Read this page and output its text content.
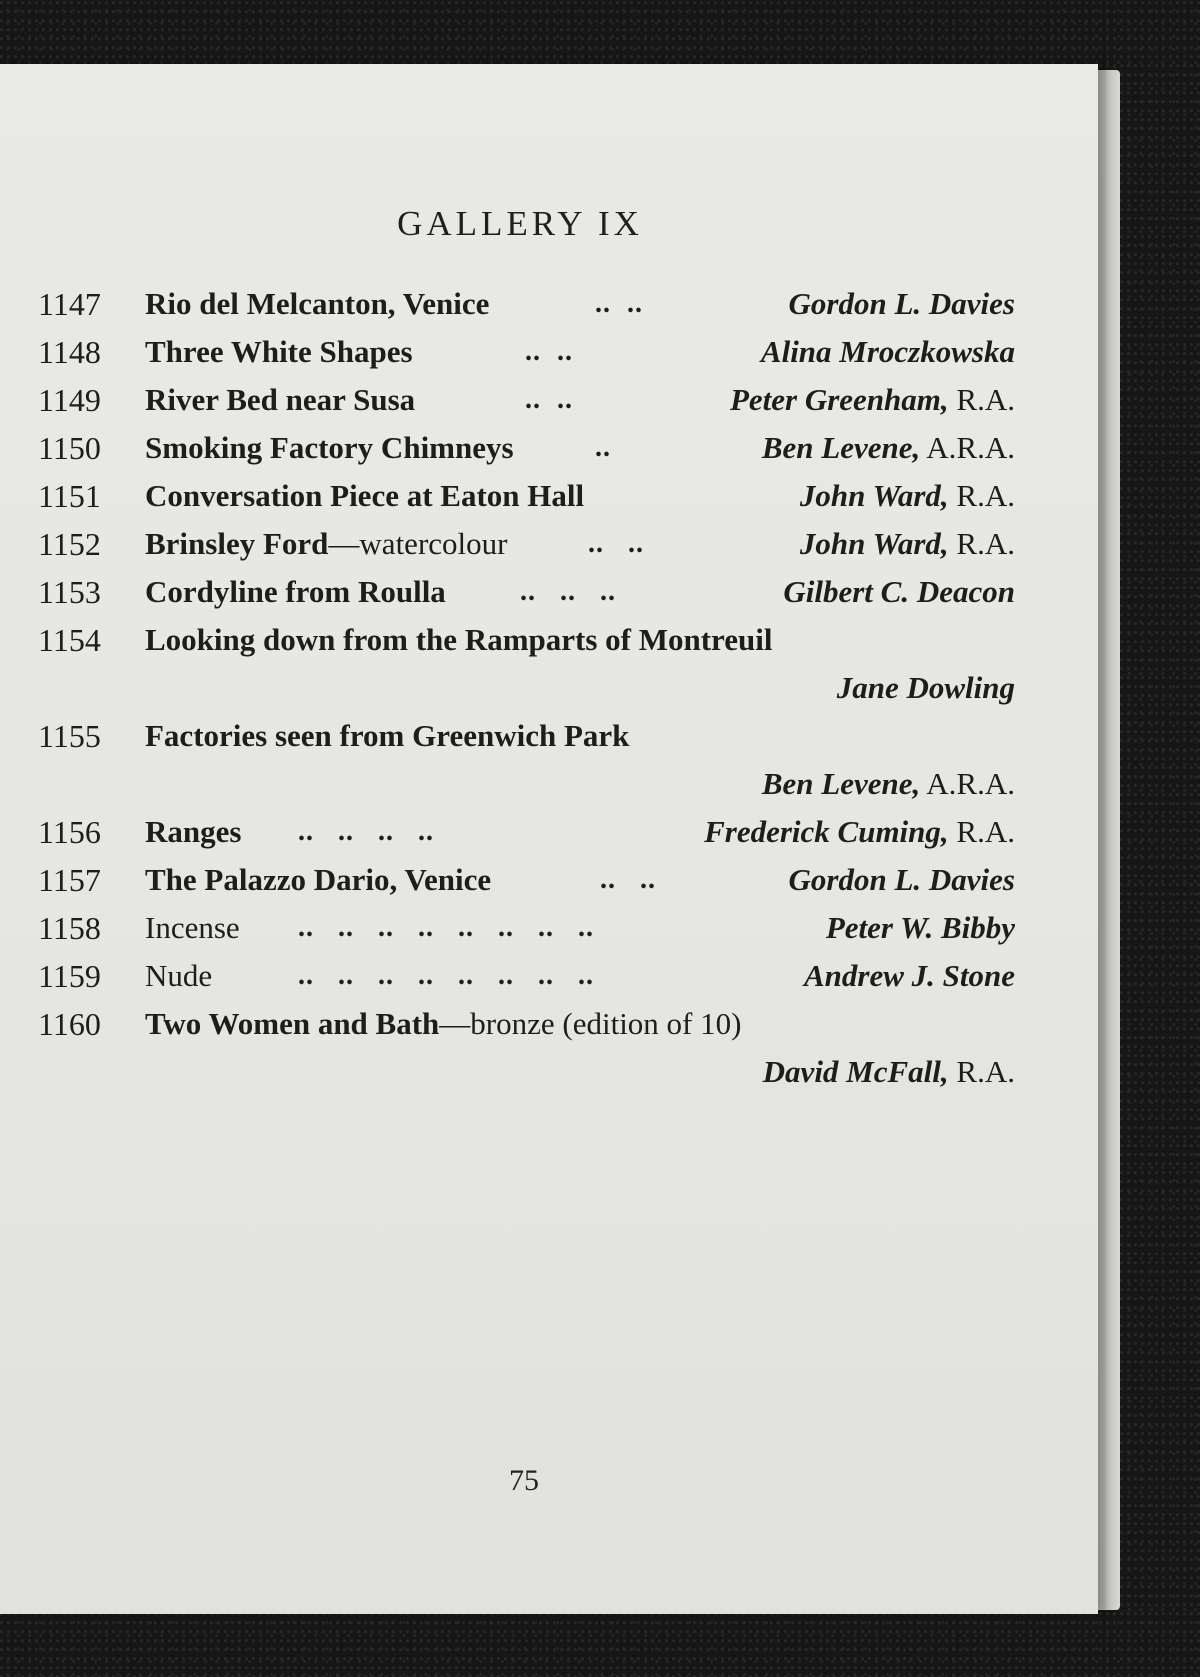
GALLERY IX
1147	Rio del Melcanton, Venice	..  ..	Gordon L. Davies
1148	Three White Shapes	..  ..	Alina Mroczkowska
1149	River Bed near Susa	..  ..	Peter Greenham, R.A.
1150	Smoking Factory Chimneys	..	Ben Levene, A.R.A.
1151	Conversation Piece at Eaton Hall	John Ward, R.A.
1152	Brinsley Ford—watercolour	..   ..	John Ward, R.A.
1153	Cordyline from Roulla	..   ..   ..	Gilbert C. Deacon
1154	Looking down from the Ramparts of Montreuil
Jane Dowling
1155	Factories seen from Greenwich Park
Ben Levene, A.R.A.
1156	Ranges ..   ..   ..   ..	Frederick Cuming, R.A.
1157	The Palazzo Dario, Venice	..   ..	Gordon L. Davies
1158	Incense ..   ..   ..   ..   ..   ..   ..   ..	Peter W. Bibby
1159	Nude	..   ..   ..   ..   ..   ..   ..   ..	Andrew J. Stone
1160	Two Women and Bath—bronze (edition of 10)
David McFall, R.A.
75
